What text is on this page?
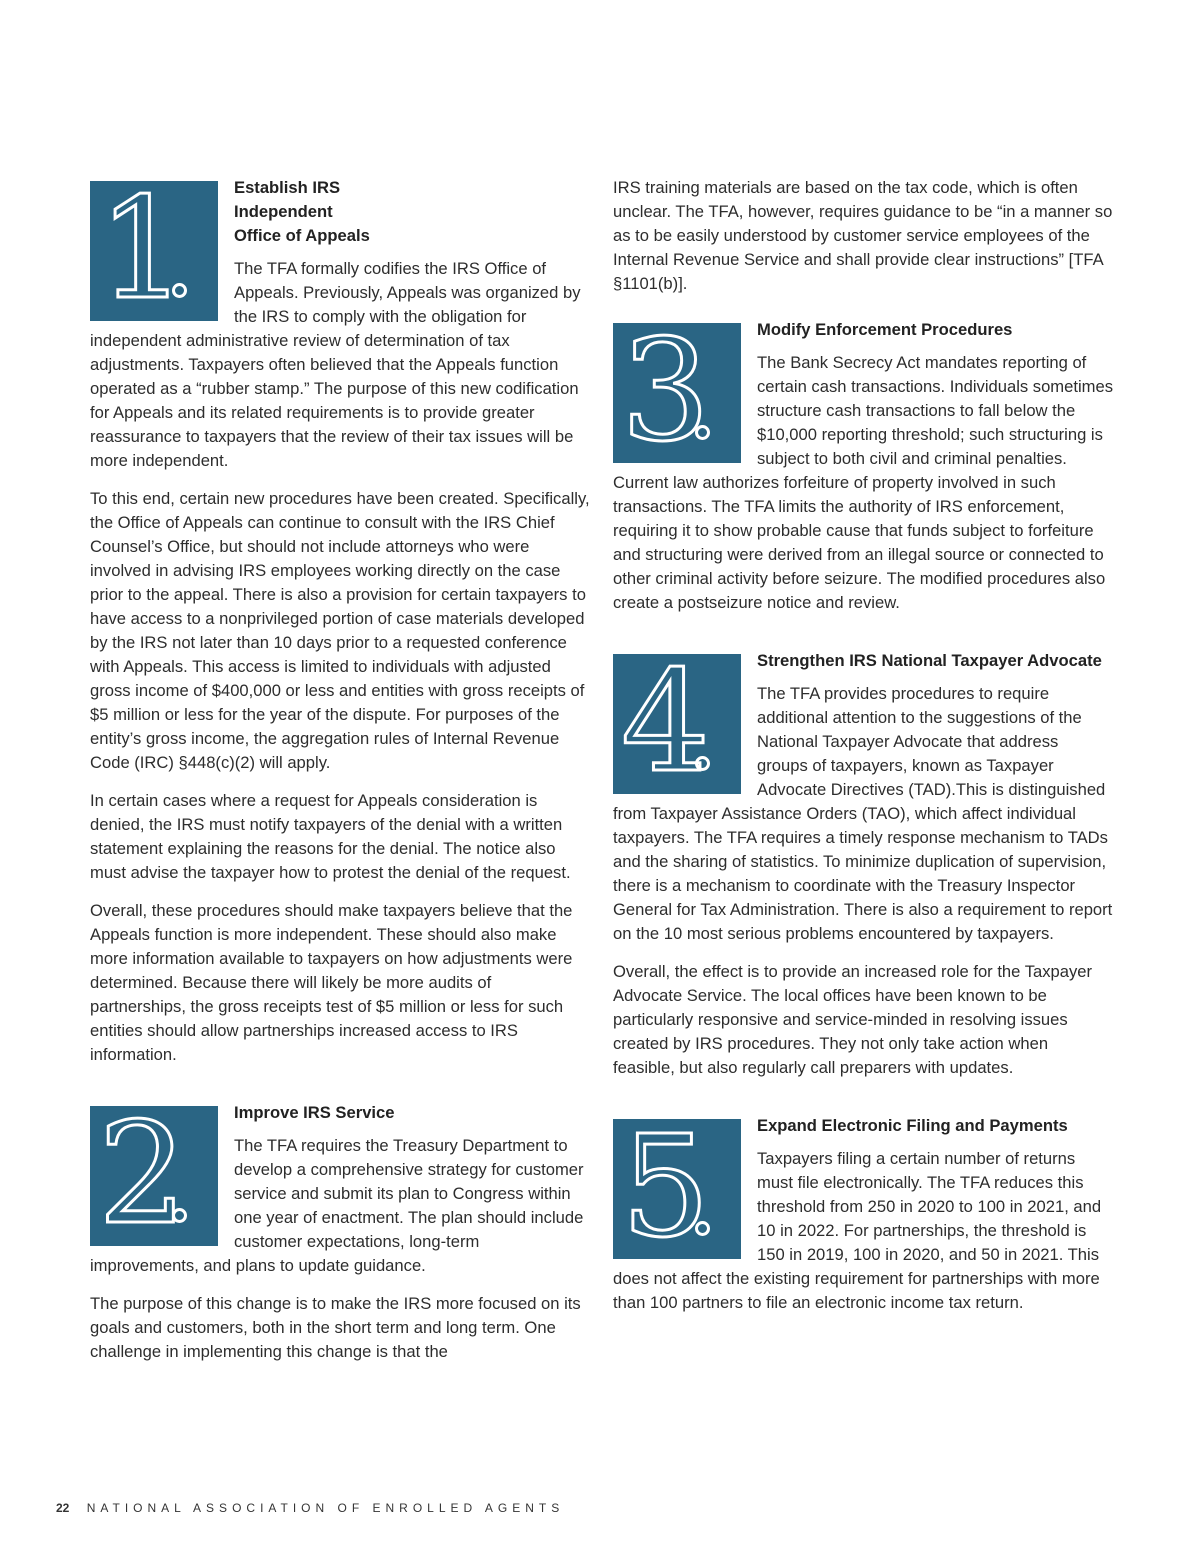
1	Establish IRS Independent Office of Appeals

The TFA formally codifies the IRS Office of Appeals. Previously, Appeals was organized by the IRS to comply with the obligation for independent administrative review of determination of tax adjustments. Taxpayers often believed that the Appeals function operated as a “rubber stamp.” The purpose of this new codification for Appeals and its related requirements is to provide greater reassurance to taxpayers that the review of their tax issues will be more independent.

To this end, certain new procedures have been created. Specifically, the Office of Appeals can continue to consult with the IRS Chief Counsel’s Office, but should not include attorneys who were involved in advising IRS employees working directly on the case prior to the appeal. There is also a provision for certain taxpayers to have access to a nonprivileged portion of case materials developed by the IRS not later than 10 days prior to a requested conference with Appeals. This access is limited to individuals with adjusted gross income of $400,000 or less and entities with gross receipts of $5 million or less for the year of the dispute. For purposes of the entity’s gross income, the aggregation rules of Internal Revenue Code (IRC) §448(c)(2) will apply.

In certain cases where a request for Appeals consideration is denied, the IRS must notify taxpayers of the denial with a written statement explaining the reasons for the denial. The notice also must advise the taxpayer how to protest the denial of the request.

Overall, these procedures should make taxpayers believe that the Appeals function is more independent. These should also make more information available to taxpayers on how adjustments were determined. Because there will likely be more audits of partnerships, the gross receipts test of $5 million or less for such entities should allow partnerships increased access to IRS information.

2	Improve IRS Service

The TFA requires the Treasury Department to develop a comprehensive strategy for customer service and submit its plan to Congress within one year of enactment. The plan should include customer expectations, long-term improvements, and plans to update guidance.

The purpose of this change is to make the IRS more focused on its goals and customers, both in the short term and long term. One challenge in implementing this change is that the

IRS training materials are based on the tax code, which is often unclear. The TFA, however, requires guidance to be “in a manner so as to be easily understood by customer service employees of the Internal Revenue Service and shall provide clear instructions” [TFA §1101(b)].

3	Modify Enforcement Procedures

The Bank Secrecy Act mandates reporting of certain cash transactions. Individuals sometimes structure cash transactions to fall below the $10,000 reporting threshold; such structuring is subject to both civil and criminal penalties. Current law authorizes forfeiture of property involved in such transactions. The TFA limits the authority of IRS enforcement, requiring it to show probable cause that funds subject to forfeiture and structuring were derived from an illegal source or connected to other criminal activity before seizure. The modified procedures also create a postseizure notice and review.

4	Strengthen IRS National Taxpayer Advocate

The TFA provides procedures to require additional attention to the suggestions of the National Taxpayer Advocate that address groups of taxpayers, known as Taxpayer Advocate Directives (TAD).This is distinguished from Taxpayer Assistance Orders (TAO), which affect individual taxpayers. The TFA requires a timely response mechanism to TADs and the sharing of statistics. To minimize duplication of supervision, there is a mechanism to coordinate with the Treasury Inspector General for Tax Administration. There is also a requirement to report on the 10 most serious problems encountered by taxpayers.

Overall, the effect is to provide an increased role for the Taxpayer Advocate Service. The local offices have been known to be particularly responsive and service-minded in resolving issues created by IRS procedures. They not only take action when feasible, but also regularly call preparers with updates.

5	Expand Electronic Filing and Payments

Taxpayers filing a certain number of returns must file electronically. The TFA reduces this threshold from 250 in 2020 to 100 in 2021, and 10 in 2022. For partnerships, the threshold is 150 in 2019, 100 in 2020, and 50 in 2021. This does not affect the existing requirement for partnerships with more than 100 partners to file an electronic income tax return.

22 NATIONAL ASSOCIATION OF ENROLLED AGENTS
